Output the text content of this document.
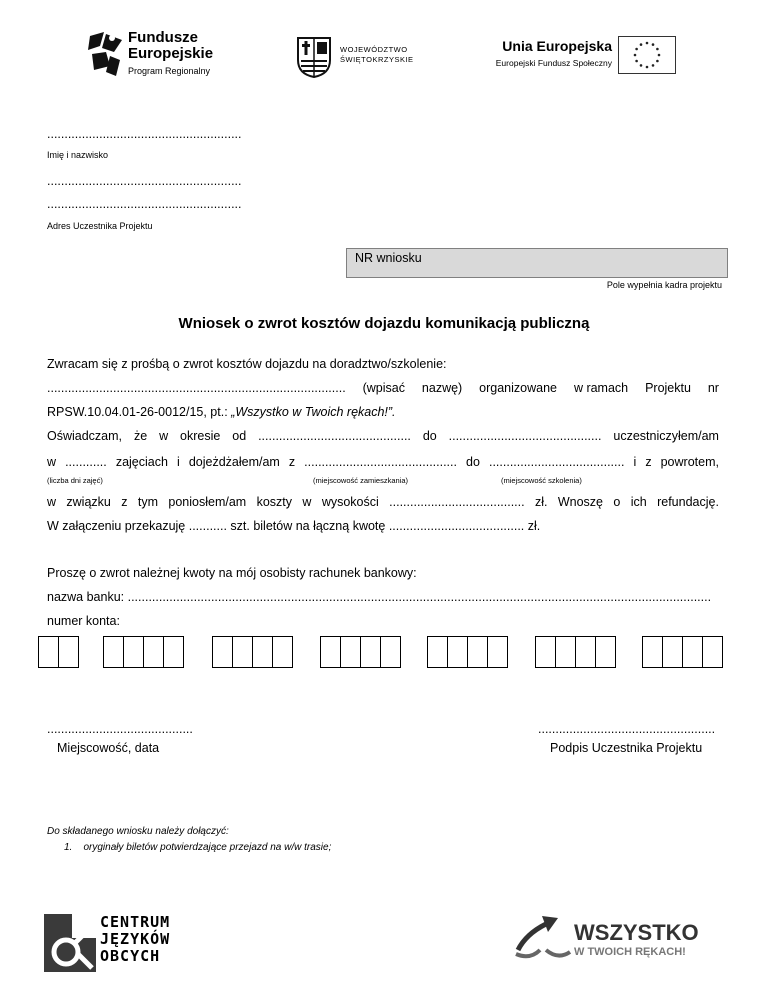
Fundusze
Europejskie
Program Regionalny
WOJEWÓDZTWO
ŚWIĘTOKRZYSKIE
Unia Europejska
Europejski Fundusz Społeczny
........................................................
Imię i nazwisko
........................................................
........................................................
Adres Uczestnika Projektu
NR wniosku
Pole wypełnia kadra projektu
Wniosek o zwrot kosztów dojazdu komunikacją publiczną
Zwracam się z prośbą o zwrot kosztów dojazdu na doradztwo/szkolenie:
...................................................................................... (wpisać nazwę) organizowane w ramach Projektu nr
RPSW.10.04.01-26-0012/15, pt.: „Wszystko w Twoich rękach!”.
Oświadczam, że w okresie od ............................................ do ............................................ uczestniczyłem/am
w ............ zajęciach i dojeżdżałem/am z ............................................ do ....................................... i z powrotem,
(liczba dni zajęć)	(miejscowość zamieszkania)	(miejscowość szkolenia)
w związku z tym poniosłem/am koszty w wysokości ....................................... zł. Wnoszę o ich refundację.
W załączeniu przekazuję ........... szt. biletów na łączną kwotę ....................................... zł.
Proszę o zwrot należnej kwoty na mój osobisty rachunek bankowy:
nazwa banku: ........................................................................................................................................................................
numer konta:
..........................................
Miejscowość, data
...................................................
Podpis Uczestnika Projektu
Do składanego wniosku należy dołączyć:
1.    oryginały biletów potwierdzające przejazd na w/w trasie;
CENTRUM
JĘZYKÓW
OBCYCH
WSZYSTKO
W TWOICH RĘKACH!
